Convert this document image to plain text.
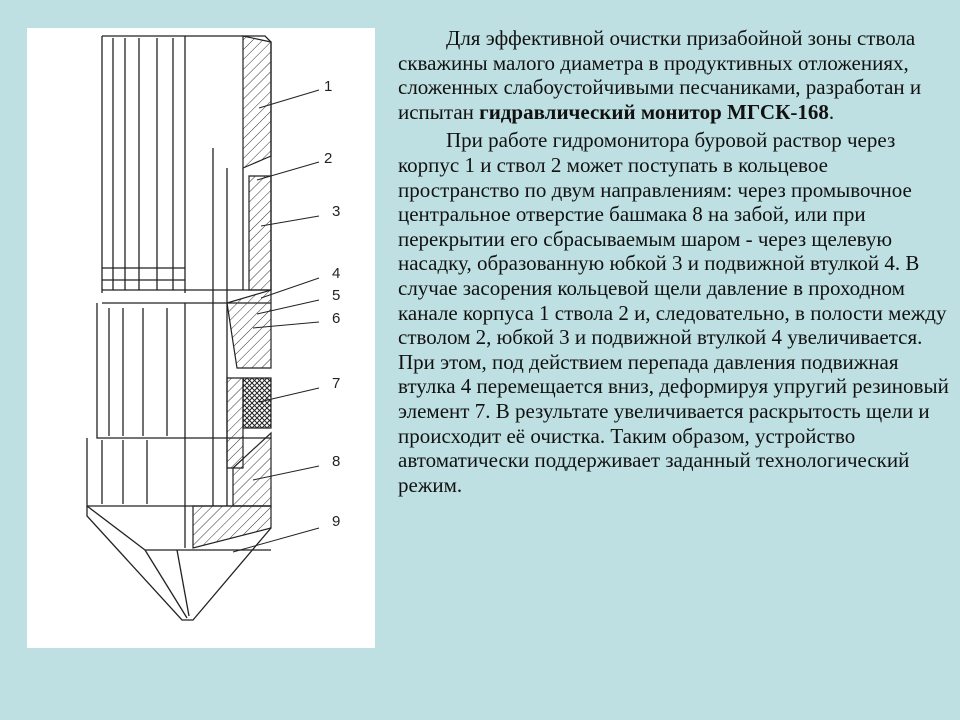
1
2
3
4
5
6
7
8
9

Для эффективной очистки призабойной зоны ствола скважины малого диаметра в продуктивных отложениях, сложенных слабоустойчивыми песчаниками, разработан и испытан гидравлический монитор МГСК-168.

При работе гидромонитора буровой раствор через корпус 1 и ствол 2 может поступать в кольцевое пространство по двум направлениям: через промывочное центральное отверстие башмака 8 на забой, или при перекрытии его сбрасываемым шаром - через щелевую насадку, образованную юбкой 3 и подвижной втулкой 4. В случае засорения кольцевой щели давление в проходном канале корпуса 1 ствола 2 и, следовательно, в полости между стволом 2, юбкой 3 и подвижной втулкой 4 увеличивается. При этом, под действием перепада давления подвижная втулка 4 перемещается вниз, деформируя упругий резиновый элемент 7. В результате увеличивается раскрытость щели и происходит её очистка. Таким образом, устройство автоматически поддерживает заданный технологический режим.
